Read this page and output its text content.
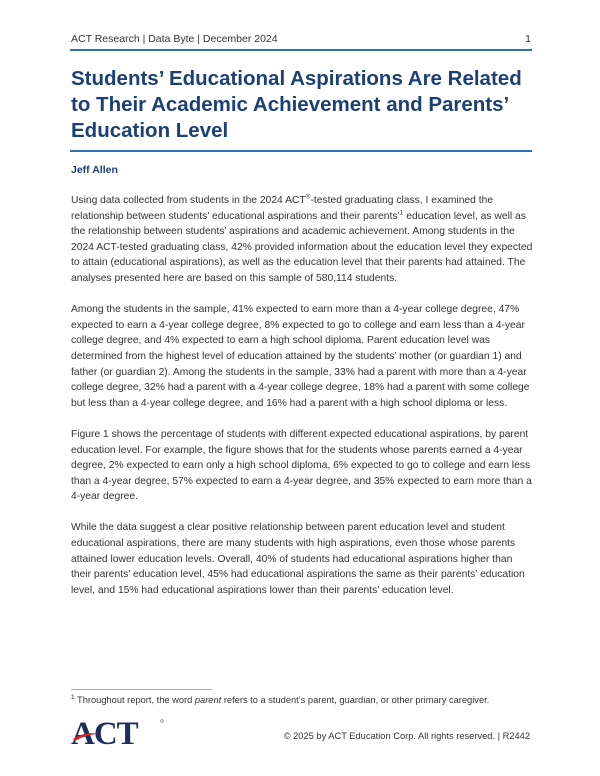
ACT Research | Data Byte | December 2024	1
Students’ Educational Aspirations Are Related to Their Academic Achievement and Parents’ Education Level
Jeff Allen

Using data collected from students in the 2024 ACT®-tested graduating class, I examined the relationship between students’ educational aspirations and their parents’$^1$ education level, as well as the relationship between students’ aspirations and academic achievement. Among students in the 2024 ACT-tested graduating class, 42% provided information about the education level they expected to attain (educational aspirations), as well as the education level that their parents had attained. The analyses presented here are based on this sample of 580,114 students.

Among the students in the sample, 41% expected to earn more than a 4-year college degree, 47% expected to earn a 4-year college degree, 8% expected to go to college and earn less than a 4-year college degree, and 4% expected to earn a high school diploma. Parent education level was determined from the highest level of education attained by the students’ mother (or guardian 1) and father (or guardian 2). Among the students in the sample, 33% had a parent with more than a 4-year college degree, 32% had a parent with a 4-year college degree, 18% had a parent with some college but less than a 4-year college degree, and 16% had a parent with a high school diploma or less.

Figure 1 shows the percentage of students with different expected educational aspirations, by parent education level. For example, the figure shows that for the students whose parents earned a 4-year degree, 2% expected to earn only a high school diploma, 6% expected to go to college and earn less than a 4-year degree, 57% expected to earn a 4-year degree, and 35% expected to earn more than a 4-year degree.

While the data suggest a clear positive relationship between parent education level and student educational aspirations, there are many students with high aspirations, even those whose parents attained lower education levels. Overall, 40% of students had educational aspirations higher than their parents’ education level, 45% had educational aspirations the same as their parents’ education level, and 15% had educational aspirations lower than their parents’ education level.

$^1$ Throughout report, the word parent refers to a student’s parent, guardian, or other primary caregiver.
ACT	© 2025 by ACT Education Corp. All rights reserved. | R2442
